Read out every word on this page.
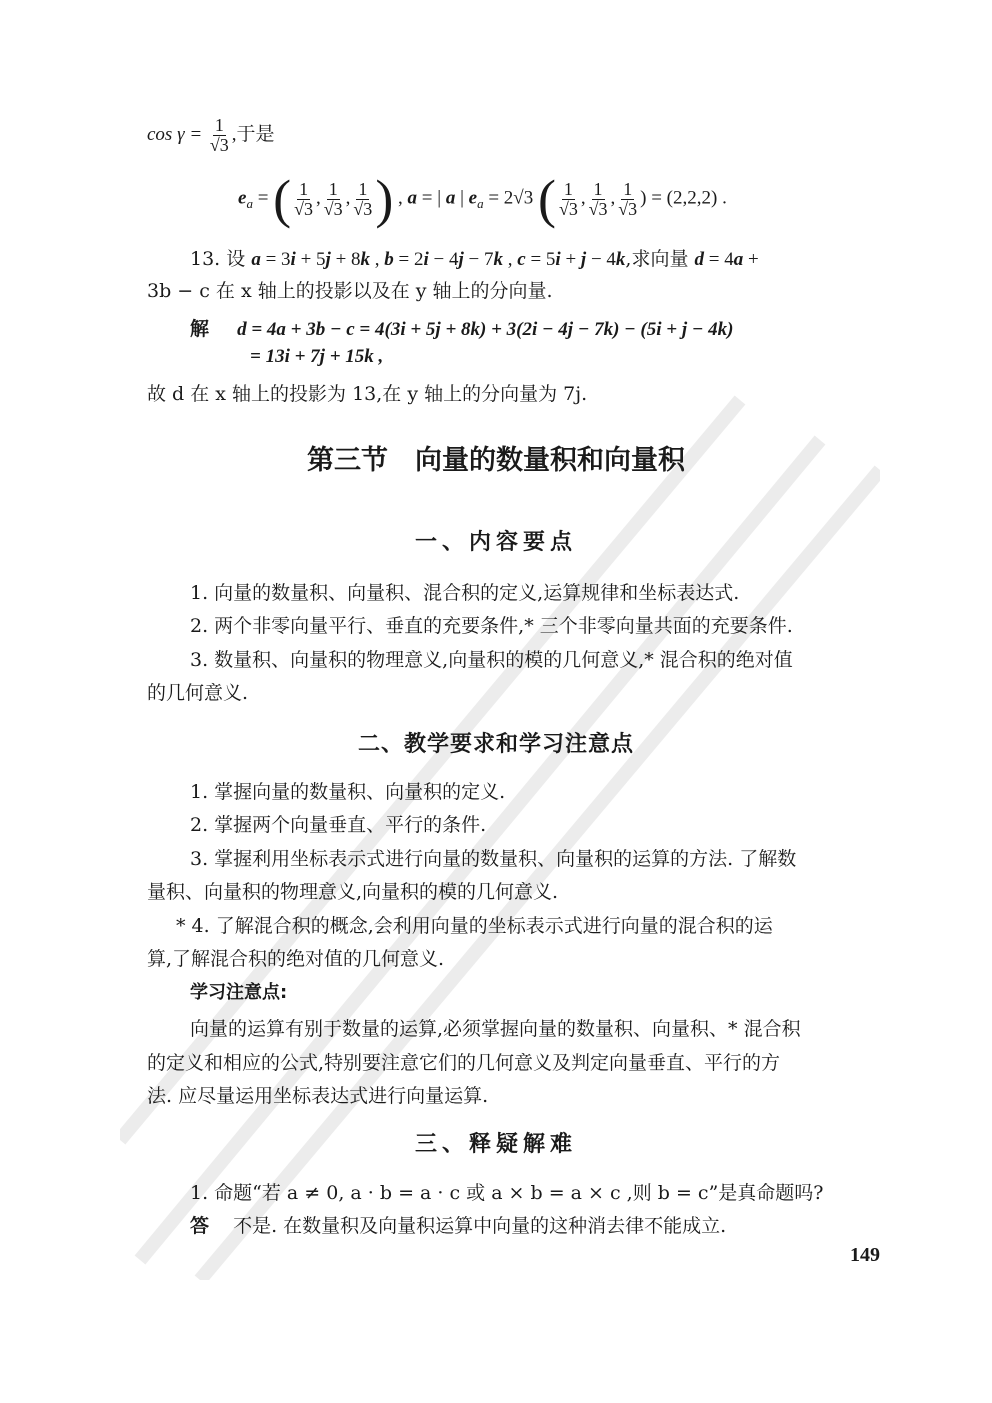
$\cos \gamma = \frac{1}{√3}$ ,于是
$e_a$ = ( $\frac{1}{√3}$ , $\frac{1}{√3}$ , $\frac{1}{√3}$ ) , a = | a | $e_a = 2√3$ ( $\frac{1}{√3}$ , $\frac{1}{√3}$ , $\frac{1}{√3}$ ) = (2,2,2) .
13. 设 a = 3i + 5j + 8k , b = 2i − 4j − 7k , c = 5i + j − 4k,求向量 d = 4a +
3b − c 在 x 轴上的投影以及在 y 轴上的分向量.
解 d = 4a + 3b − c = 4(3i + 5j + 8k) + 3(2i − 4j − 7k) − (5i + j − 4k)
= 13i + 7j + 15k ,
故 d 在 x 轴上的投影为 13,在 y 轴上的分向量为 7j.
第三节　向量的数量积和向量积
一、内容要点
1. 向量的数量积、向量积、混合积的定义,运算规律和坐标表达式.
2. 两个非零向量平行、垂直的充要条件,* 三个非零向量共面的充要条件.
3. 数量积、向量积的物理意义,向量积的模的几何意义,* 混合积的绝对值
的几何意义.
二、教学要求和学习注意点
1. 掌握向量的数量积、向量积的定义.
2. 掌握两个向量垂直、平行的条件.
3. 掌握利用坐标表示式进行向量的数量积、向量积的运算的方法. 了解数
量积、向量积的物理意义,向量积的模的几何意义.
* 4. 了解混合积的概念,会利用向量的坐标表示式进行向量的混合积的运
算,了解混合积的绝对值的几何意义.
学习注意点:
向量的运算有别于数量的运算,必须掌握向量的数量积、向量积、* 混合积
的定义和相应的公式,特别要注意它们的几何意义及判定向量垂直、平行的方
法. 应尽量运用坐标表达式进行向量运算.
三、释疑解难
1. 命题“若 a ≠ 0, a · b = a · c 或 a × b = a × c ,则 b = c”是真命题吗?
答 不是. 在数量积及向量积运算中向量的这种消去律不能成立.
149
